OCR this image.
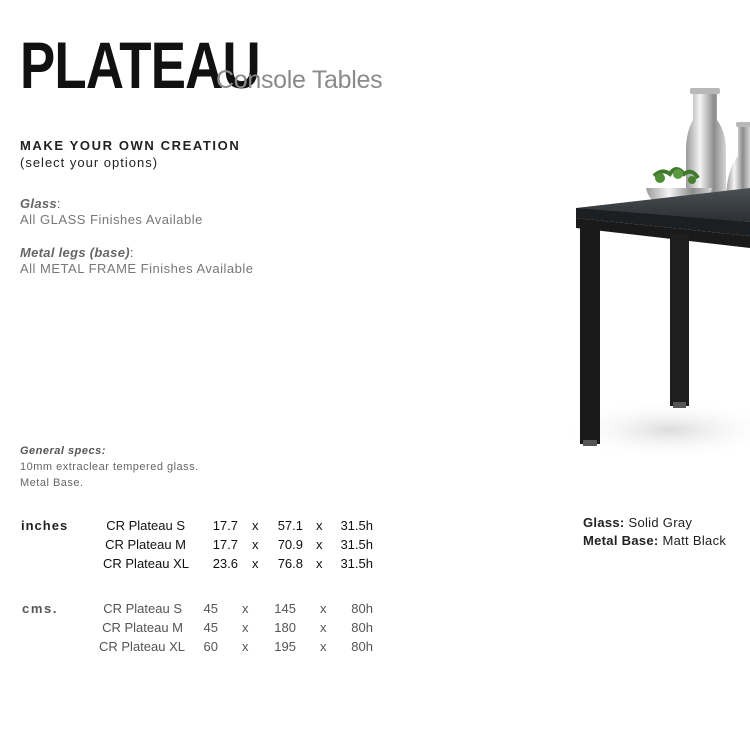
PLATEAU
Console Tables
MAKE YOUR OWN CREATION
(select your options)
Glass:
All GLASS Finishes Available
Metal legs (base):
All METAL FRAME Finishes Available
General specs:
10mm extraclear tempered glass.
Metal Base.
inches	CR Plateau S	17.7 x	57.1 x	31.5h
CR Plateau M	17.7 x	70.9 x	31.5h
CR Plateau XL	23.6 x	76.8 x	31.5h
cms.	CR Plateau S	45 x	145 x	80h
CR Plateau M	45 x	180 x	80h
CR Plateau XL	60 x	195 x	80h
Glass: Solid Gray
Metal Base: Matt Black
